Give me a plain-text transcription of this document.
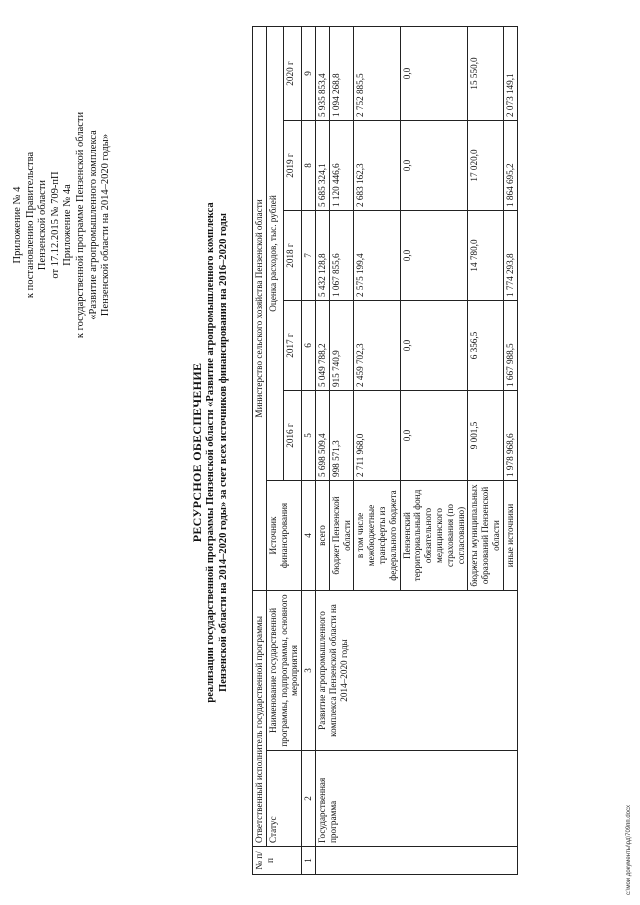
Приложение № 4 к постановлению Правительства Пензенской области от 17.12.2015 № 709-пП Приложение № 4а к государственной программе Пензенской области «Развитие агропромышленного комплекса Пензенской области на 2014–2020 годы»
РЕСУРСНОЕ ОБЕСПЕЧЕНИЕ реализации государственной программы Пензенской области «Развитие агропромышленного комплекса Пензенской области на 2014–2020 годы» за счет всех источников финансирования на 2016–2020 годы
№ п/п	Ответственный исполнитель государственной программы		Министерство сельского хозяйства Пензенской области					
	Статус	Наименование государственной программы, подпрограммы, основного мероприятия	Источник финансирования	Оценка расходов, тыс. рублей				
				2016 г	2017 г	2018 г	2019 г	2020 г
1	2	3	4	5	6	7	8	9
	Государственная программа	Развитие агропромышленного комплекса Пензенской области на 2014–2020 годы	всего	5 698 509,4	5 049 788,2	5 432 128,8	5 685 324,1	5 935 853,4
			бюджет Пензенской области	998 571,3	915 740,9	1 067 855,6	1 120 446,6	1 094 268,8
			в том числе межбюджетные трансферты из федерального бюджета	2 711 968,0	2 459 702,3	2 575 199,4	2 683 162,3	2 752 885,5
			Пензенский территориальный фонд обязательного медицинского страхования (по согласованию)	0,0	0,0	0,0	0,0	0,0
			бюджеты муниципальных образований Пензенской области	9 001,5	6 356,5	14 780,0	17 020,0	15 550,0
			иные источники	1 978 968,6	1 667 988,5	1 774 293,8	1 864 695,2	2 073 149,1
c:\мои документы\рд\709пп.docx
